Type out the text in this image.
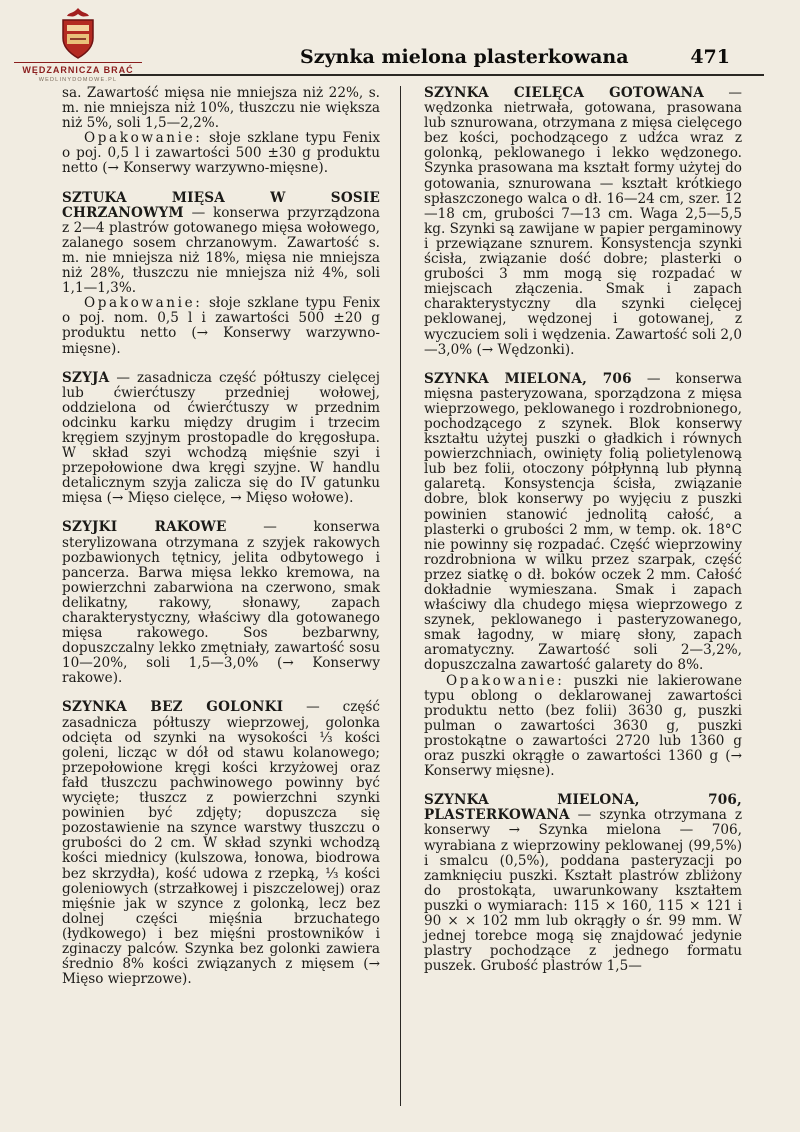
WĘDZARNICZA BRAĆ
WEDLINYDOMOWE.PL
Szynka mielona plasterkowana	471

sa. Zawartość mięsa nie mniejsza niż 22%, s. m. nie mniejsza niż 10%, tłuszczu nie większa niż 5%, soli 1,5—2,2%.

Opakowanie: słoje szklane typu Fenix o poj. 0,5 l i zawartości 500 ±30 g produktu netto (→ Konserwy warzywno-mięsne).

SZTUKA MIĘSA W SOSIE CHRZANOWYM — konserwa przyrządzona z 2—4 plastrów gotowanego mięsa wołowego, zalanego sosem chrzanowym. Zawartość s. m. nie mniejsza niż 18%, mięsa nie mniejsza niż 28%, tłuszczu nie mniejsza niż 4%, soli 1,1—1,3%.

Opakowanie: słoje szklane typu Fenix o poj. nom. 0,5 l i zawartości 500 ±20 g produktu netto (→ Konserwy warzywno-mięsne).

SZYJA — zasadnicza część półtuszy cielęcej lub ćwierćtuszy przedniej wołowej, oddzielona od ćwierćtuszy w przednim odcinku karku między drugim i trzecim kręgiem szyjnym prostopadle do kręgosłupa. W skład szyi wchodzą mięśnie szyi i przepołowione dwa kręgi szyjne. W handlu detalicznym szyja zalicza się do IV gatunku mięsa (→ Mięso cielęce, → Mięso wołowe).

SZYJKI RAKOWE	— konserwa sterylizowana otrzymana z szyjek rakowych pozbawionych tętnicy, jelita odbytowego i pancerza. Barwa mięsa lekko kremowa, na powierzchni zabarwiona na czerwono, smak delikatny, rakowy, słonawy, zapach charakterystyczny, właściwy dla gotowanego mięsa rakowego. Sos bezbarwny, dopuszczalny lekko zmętniały, zawartość sosu 10—20%, soli 1,5—3,0% (→ Konserwy rakowe).

SZYNKA BEZ GOLONKI — część zasadnicza półtuszy wieprzowej, golonka odcięta od szynki na wysokości ⅓ kości goleni, licząc w dół od stawu kolanowego; przepołowione kręgi kości krzyżowej oraz fałd tłuszczu pachwinowego powinny być wycięte; tłuszcz z powierzchni szynki powinien być zdjęty; dopuszcza się pozostawienie na szynce warstwy tłuszczu o grubości do 2 cm. W skład szynki wchodzą kości miednicy (kulszowa, łonowa, biodrowa bez skrzydła), kość udowa z rzepką, ⅓ kości goleniowych (strzałkowej i piszczelowej) oraz mięśnie jak w szynce z golonką, lecz bez dolnej części mięśnia brzuchatego (łydkowego) i bez mięśni prostowników i zginaczy palców. Szynka bez golonki zawiera średnio 8% kości związanych z mięsem (→ Mięso wieprzowe).

SZYNKA CIELĘCA GOTOWANA — wędzonka nietrwała, gotowana, prasowana lub sznurowana, otrzymana z mięsa cielęcego bez kości, pochodzącego z udźca wraz z golonką, peklowanego i lekko wędzonego. Szynka prasowana ma kształt formy użytej do gotowania, sznurowana — kształt krótkiego spłaszczonego walca o dł. 16—24 cm, szer. 12—18 cm, grubości 7—13 cm. Waga 2,5—5,5 kg. Szynki są zawijane w papier pergaminowy i przewiązane sznurem. Konsystencja szynki ścisła, związanie dość dobre; plasterki o grubości 3 mm mogą się rozpadać w miejscach złączenia. Smak i zapach charakterystyczny dla szynki cielęcej peklowanej, wędzonej i gotowanej, z wyczuciem soli i wędzenia. Zawartość soli 2,0—3,0% (→ Wędzonki).

SZYNKA MIELONA, 706 — konserwa mięsna pasteryzowana, sporządzona z mięsa wieprzowego, peklowanego i rozdrobnionego, pochodzącego z szynek. Blok konserwy kształtu użytej puszki o gładkich i równych powierzchniach, owinięty folią polietylenową lub bez folii, otoczony półpłynną lub płynną galaretą. Konsystencja ścisła, związanie dobre, blok konserwy po wyjęciu z puszki powinien stanowić jednolitą całość, a plasterki o grubości 2 mm, w temp. ok. 18°C nie powinny się rozpadać. Część wieprzowiny rozdrobniona w wilku przez szarpak, część przez siatkę o dł. boków oczek 2 mm. Całość dokładnie wymieszana. Smak i zapach właściwy dla chudego mięsa wieprzowego z szynek, peklowanego i pasteryzowanego, smak łagodny, w miarę słony, zapach aromatyczny. Zawartość soli 2—3,2%, dopuszczalna zawartość galarety do 8%.

Opakowanie: puszki nie lakierowane typu oblong o deklarowanej zawartości produktu netto (bez folii) 3630 g, puszki pulman o zawartości 3630 g, puszki prostokątne o zawartości 2720 lub 1360 g oraz puszki okrągłe o zawartości 1360 g (→ Konserwy mięsne).

SZYNKA MIELONA, 706, PLASTERKOWANA — szynka otrzymana z konserwy → Szynka mielona — 706, wyrabiana z wieprzowiny peklowanej (99,5%) i smalcu (0,5%), poddana pasteryzacji po zamknięciu puszki. Kształt plastrów zbliżony do prostokąta, uwarunkowany kształtem puszki o wymiarach: 115 × 160, 115 × 121 i 90 × × 102 mm lub okrągły o śr. 99 mm. W jednej torebce mogą się znajdować jedynie plastry pochodzące z jednego formatu puszek. Grubość plastrów 1,5—
